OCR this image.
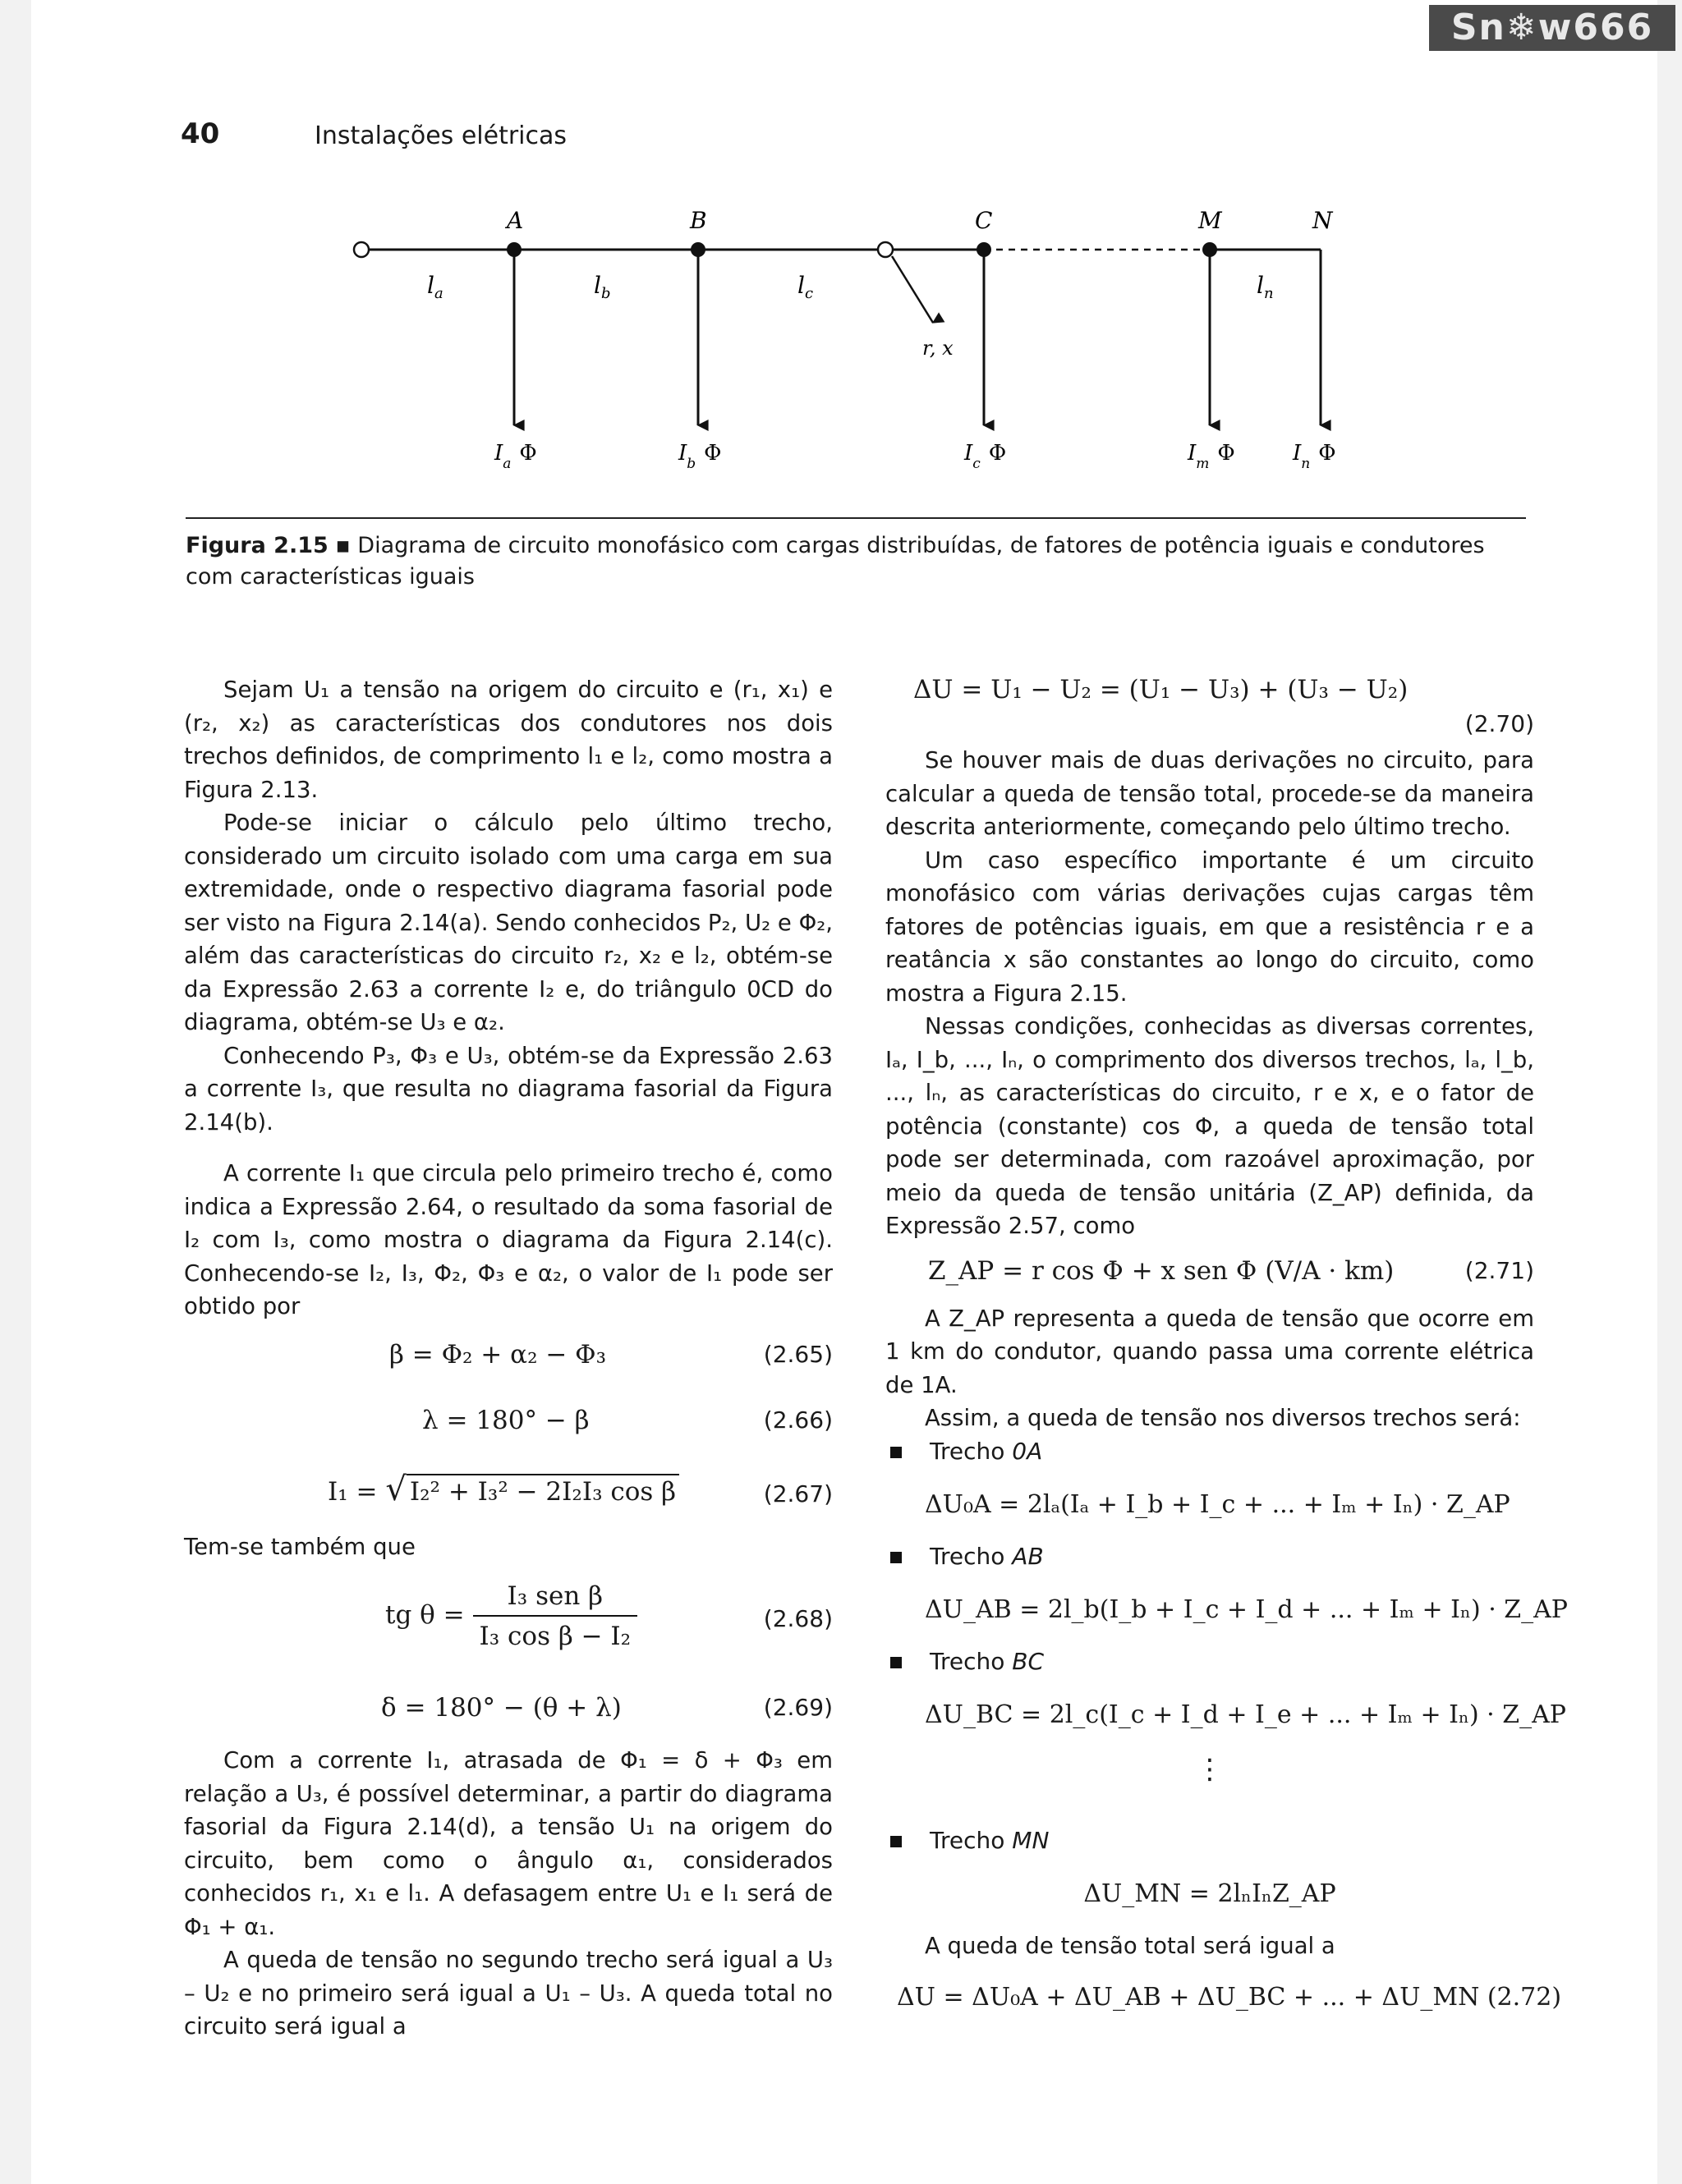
40	Instalações elétricas
r, x
A	B	C	M	N
$l_a$	$l_b$	$l_c$	$l_n$
$I_a$ Φ	$I_b$ Φ	$I_c$ Φ	$I_m$ Φ	$I_n$ Φ
Figura 2.15 ▪ Diagrama de circuito monofásico com cargas distribuídas, de fatores de potência iguais e condutores com características iguais

Sejam U₁ a tensão na origem do circuito e (r₁, x₁) e (r₂, x₂) as características dos condutores nos dois trechos definidos, de comprimento l₁ e l₂, como mostra a Figura 2.13.

Pode-se iniciar o cálculo pelo último trecho, considerado um circuito isolado com uma carga em sua extremidade, onde o respectivo diagrama fasorial pode ser visto na Figura 2.14(a). Sendo conhecidos P₂, U₂ e Φ₂, além das características do circuito r₂, x₂ e l₂, obtém-se da Expressão 2.63 a corrente I₂ e, do triângulo 0CD do diagrama, obtém-se U₃ e α₂.

Conhecendo P₃, Φ₃ e U₃, obtém-se da Expressão 2.63 a corrente I₃, que resulta no diagrama fasorial da Figura 2.14(b).

A corrente I₁ que circula pelo primeiro trecho é, como indica a Expressão 2.64, o resultado da soma fasorial de I₂ com I₃, como mostra o diagrama da Figura 2.14(c). Conhecendo-se I₂, I₃, Φ₂, Φ₃ e α₂, o valor de I₁ pode ser obtido por

β = Φ₂ + α₂ − Φ₃	(2.65)
λ = 180° − β	(2.66)
I₁ = √ I₂² + I₃² − 2I₂I₃ cos β	(2.67)

Tem-se também que

tg $\theta = \frac{\text{I₃ sen β}}{\text{I₃ cos β − I₂}}$	(2.68)
δ = 180° − (θ + λ)	(2.69)

Com a corrente I₁, atrasada de Φ₁ = δ + Φ₃ em relação a U₃, é possível determinar, a partir do diagrama fasorial da Figura 2.14(d), a tensão U₁ na origem do circuito, bem como o ângulo α₁, considerados conhecidos r₁, x₁ e l₁. A defasagem entre U₁ e I₁ será de Φ₁ + α₁.

A queda de tensão no segundo trecho será igual a U₃ – U₂ e no primeiro será igual a U₁ – U₃. A queda total no circuito será igual a

ΔU = U₁ − U₂ = (U₁ − U₃) + (U₃ − U₂)
(2.70)

Se houver mais de duas derivações no circuito, para calcular a queda de tensão total, procede-se da maneira descrita anteriormente, começando pelo último trecho.

Um caso específico importante é um circuito monofásico com várias derivações cujas cargas têm fatores de potências iguais, em que a resistência r e a reatância x são constantes ao longo do circuito, como mostra a Figura 2.15.

Nessas condições, conhecidas as diversas correntes, Iₐ, I_b, ..., Iₙ, o comprimento dos diversos trechos, lₐ, l_b, ..., lₙ, as características do circuito, r e x, e o fator de potência (constante) cos Φ, a queda de tensão total pode ser determinada, com razoável aproximação, por meio da queda de tensão unitária (Z_AP) definida, da Expressão 2.57, como

Z_AP = r cos Φ + x sen Φ (V/A · km)	(2.71)

A Z_AP representa a queda de tensão que ocorre em 1 km do condutor, quando passa uma corrente elétrica de 1A.

Assim, a queda de tensão nos diversos trechos será:

Trecho 0A
ΔU₀A = 2lₐ(Iₐ + I_b + I_c + ... + Iₘ + Iₙ) · Z_AP
Trecho AB
ΔU_AB = 2l_b(I_b + I_c + I_d + ... + Iₘ + Iₙ) · Z_AP
Trecho BC
ΔU_BC = 2l_c(I_c + I_d + I_e + ... + Iₘ + Iₙ) · Z_AP
⋮
Trecho MN
ΔU_MN = 2lₙIₙZ_AP

A queda de tensão total será igual a

ΔU = ΔU₀A + ΔU_AB + ΔU_BC + ... + ΔU_MN (2.72)
Sn❄w666
